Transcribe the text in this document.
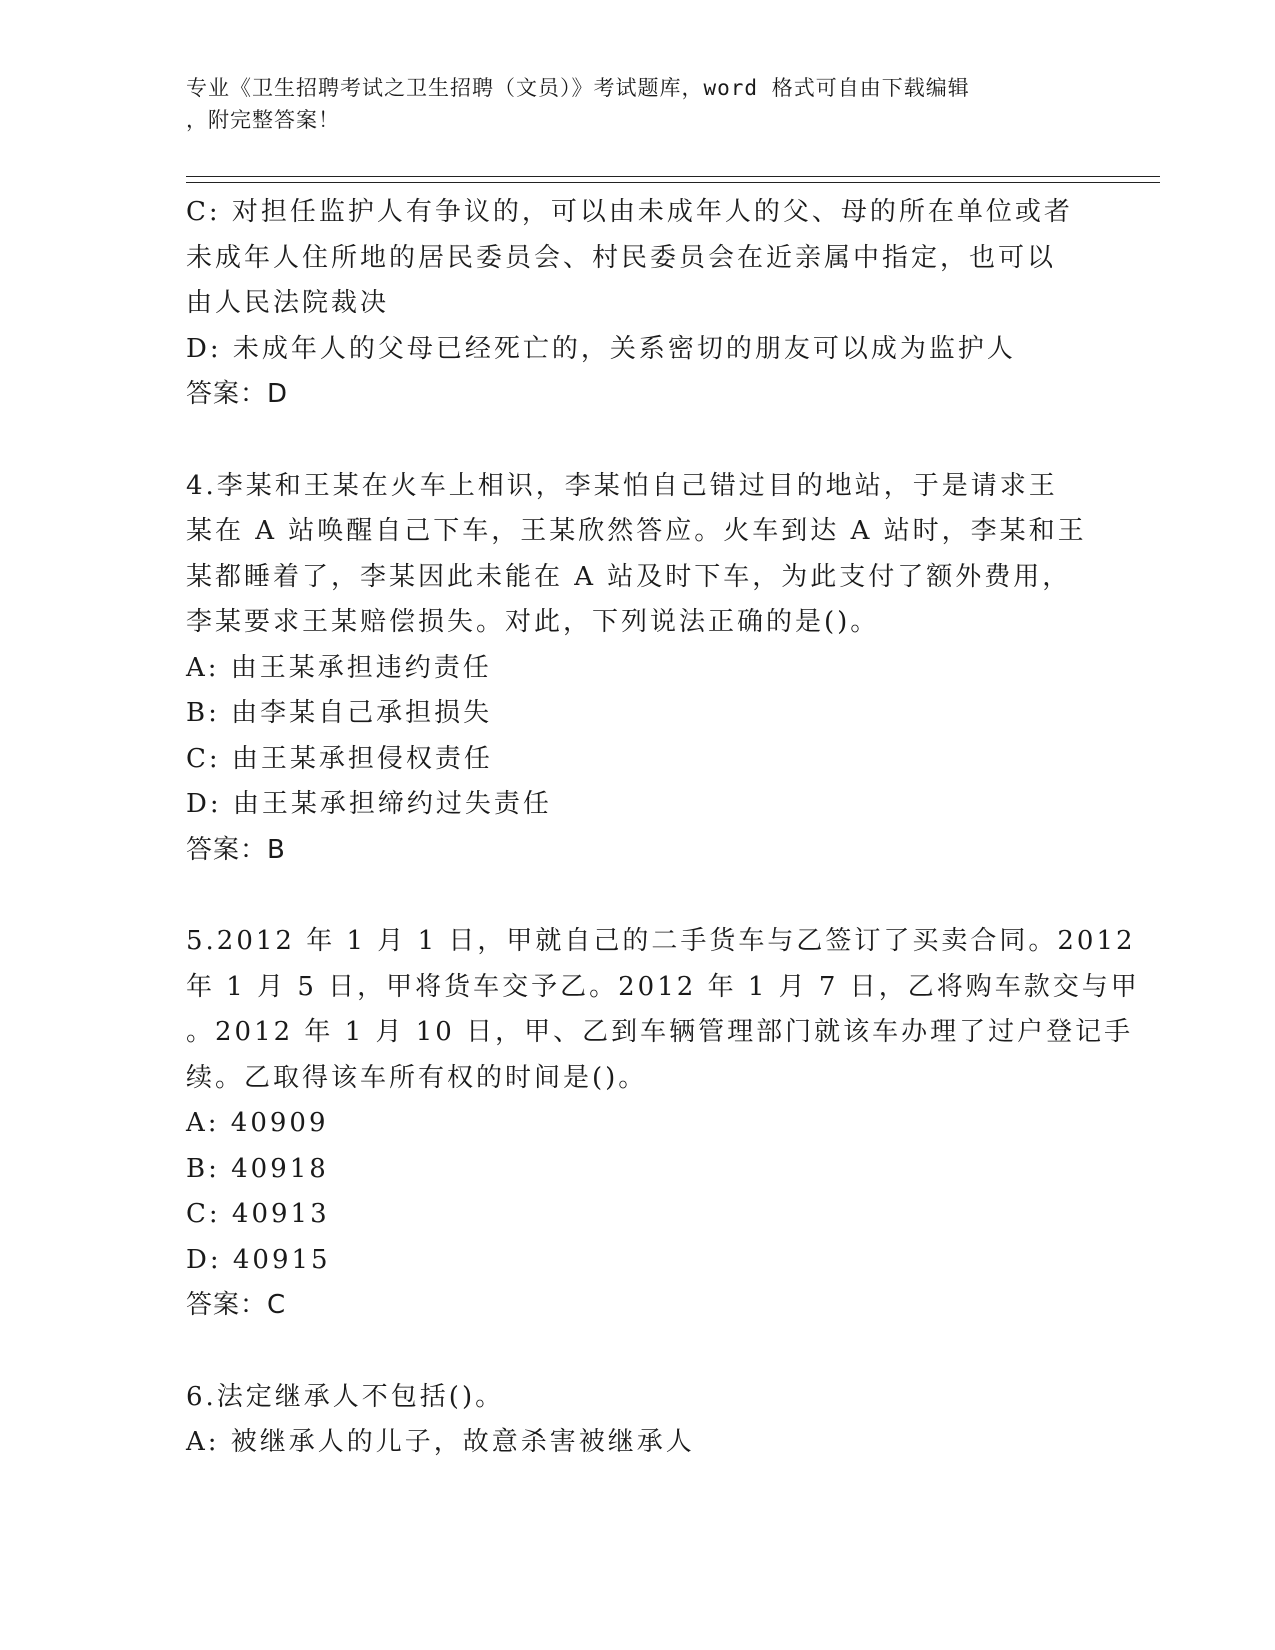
专业《卫生招聘考试之卫生招聘（文员）》考试题库，word 格式可自由下载编辑
，附完整答案！
C: 对担任监护人有争议的，可以由未成年人的父、母的所在单位或者
未成年人住所地的居民委员会、村民委员会在近亲属中指定，也可以
由人民法院裁决
D: 未成年人的父母已经死亡的，关系密切的朋友可以成为监护人
答案：D
4.李某和王某在火车上相识，李某怕自己错过目的地站，于是请求王
某在 A 站唤醒自己下车，王某欣然答应。火车到达 A 站时，李某和王
某都睡着了，李某因此未能在 A 站及时下车，为此支付了额外费用，
李某要求王某赔偿损失。对此，下列说法正确的是()。
A: 由王某承担违约责任
B: 由李某自己承担损失
C: 由王某承担侵权责任
D: 由王某承担缔约过失责任
答案：B
5.2012 年 1 月 1 日，甲就自己的二手货车与乙签订了买卖合同。2012
年 1 月 5 日，甲将货车交予乙。2012 年 1 月 7 日，乙将购车款交与甲
。2012 年 1 月 10 日，甲、乙到车辆管理部门就该车办理了过户登记手
续。乙取得该车所有权的时间是()。
A: 40909
B: 40918
C: 40913
D: 40915
答案：C
6.法定继承人不包括()。
A: 被继承人的儿子，故意杀害被继承人
